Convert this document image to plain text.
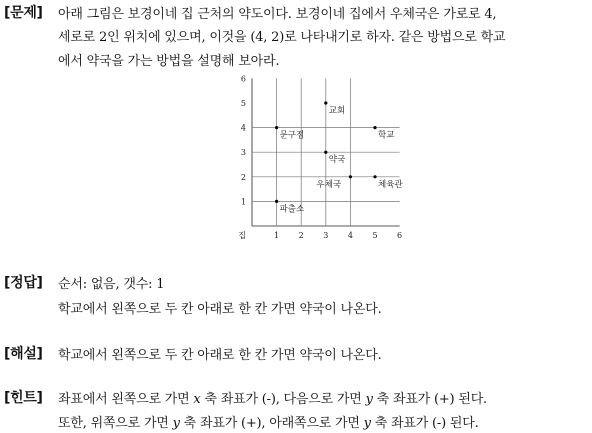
[문제] 아래 그림은 보경이네 집 근처의 약도이다. 보경이네 집에서 우체국은 가로로 4,
세로로 2인 위치에 있으며, 이것을 (4, 2)로 나타내기로 하자. 같은 방법으로 학교
에서 약국을 가는 방법을 설명해 보아라.
1 2 3 4 5 6
1
2
3
4
5
6
집
교회
문구점	학교
약국
우체국	체육관
파출소
[정답] 순서: 없음, 갯수: 1
학교에서 왼쪽으로 두 칸 아래로 한 칸 가면 약국이 나온다.
[해설] 학교에서 왼쪽으로 두 칸 아래로 한 칸 가면 약국이 나온다.
[힌트] 좌표에서 왼쪽으로 가면 x 축 좌표가 (-), 다음으로 가면 y 축 좌표가 (+) 된다.
또한, 위쪽으로 가면 y 축 좌표가 (+), 아래쪽으로 가면 y 축 좌표가 (-) 된다.
